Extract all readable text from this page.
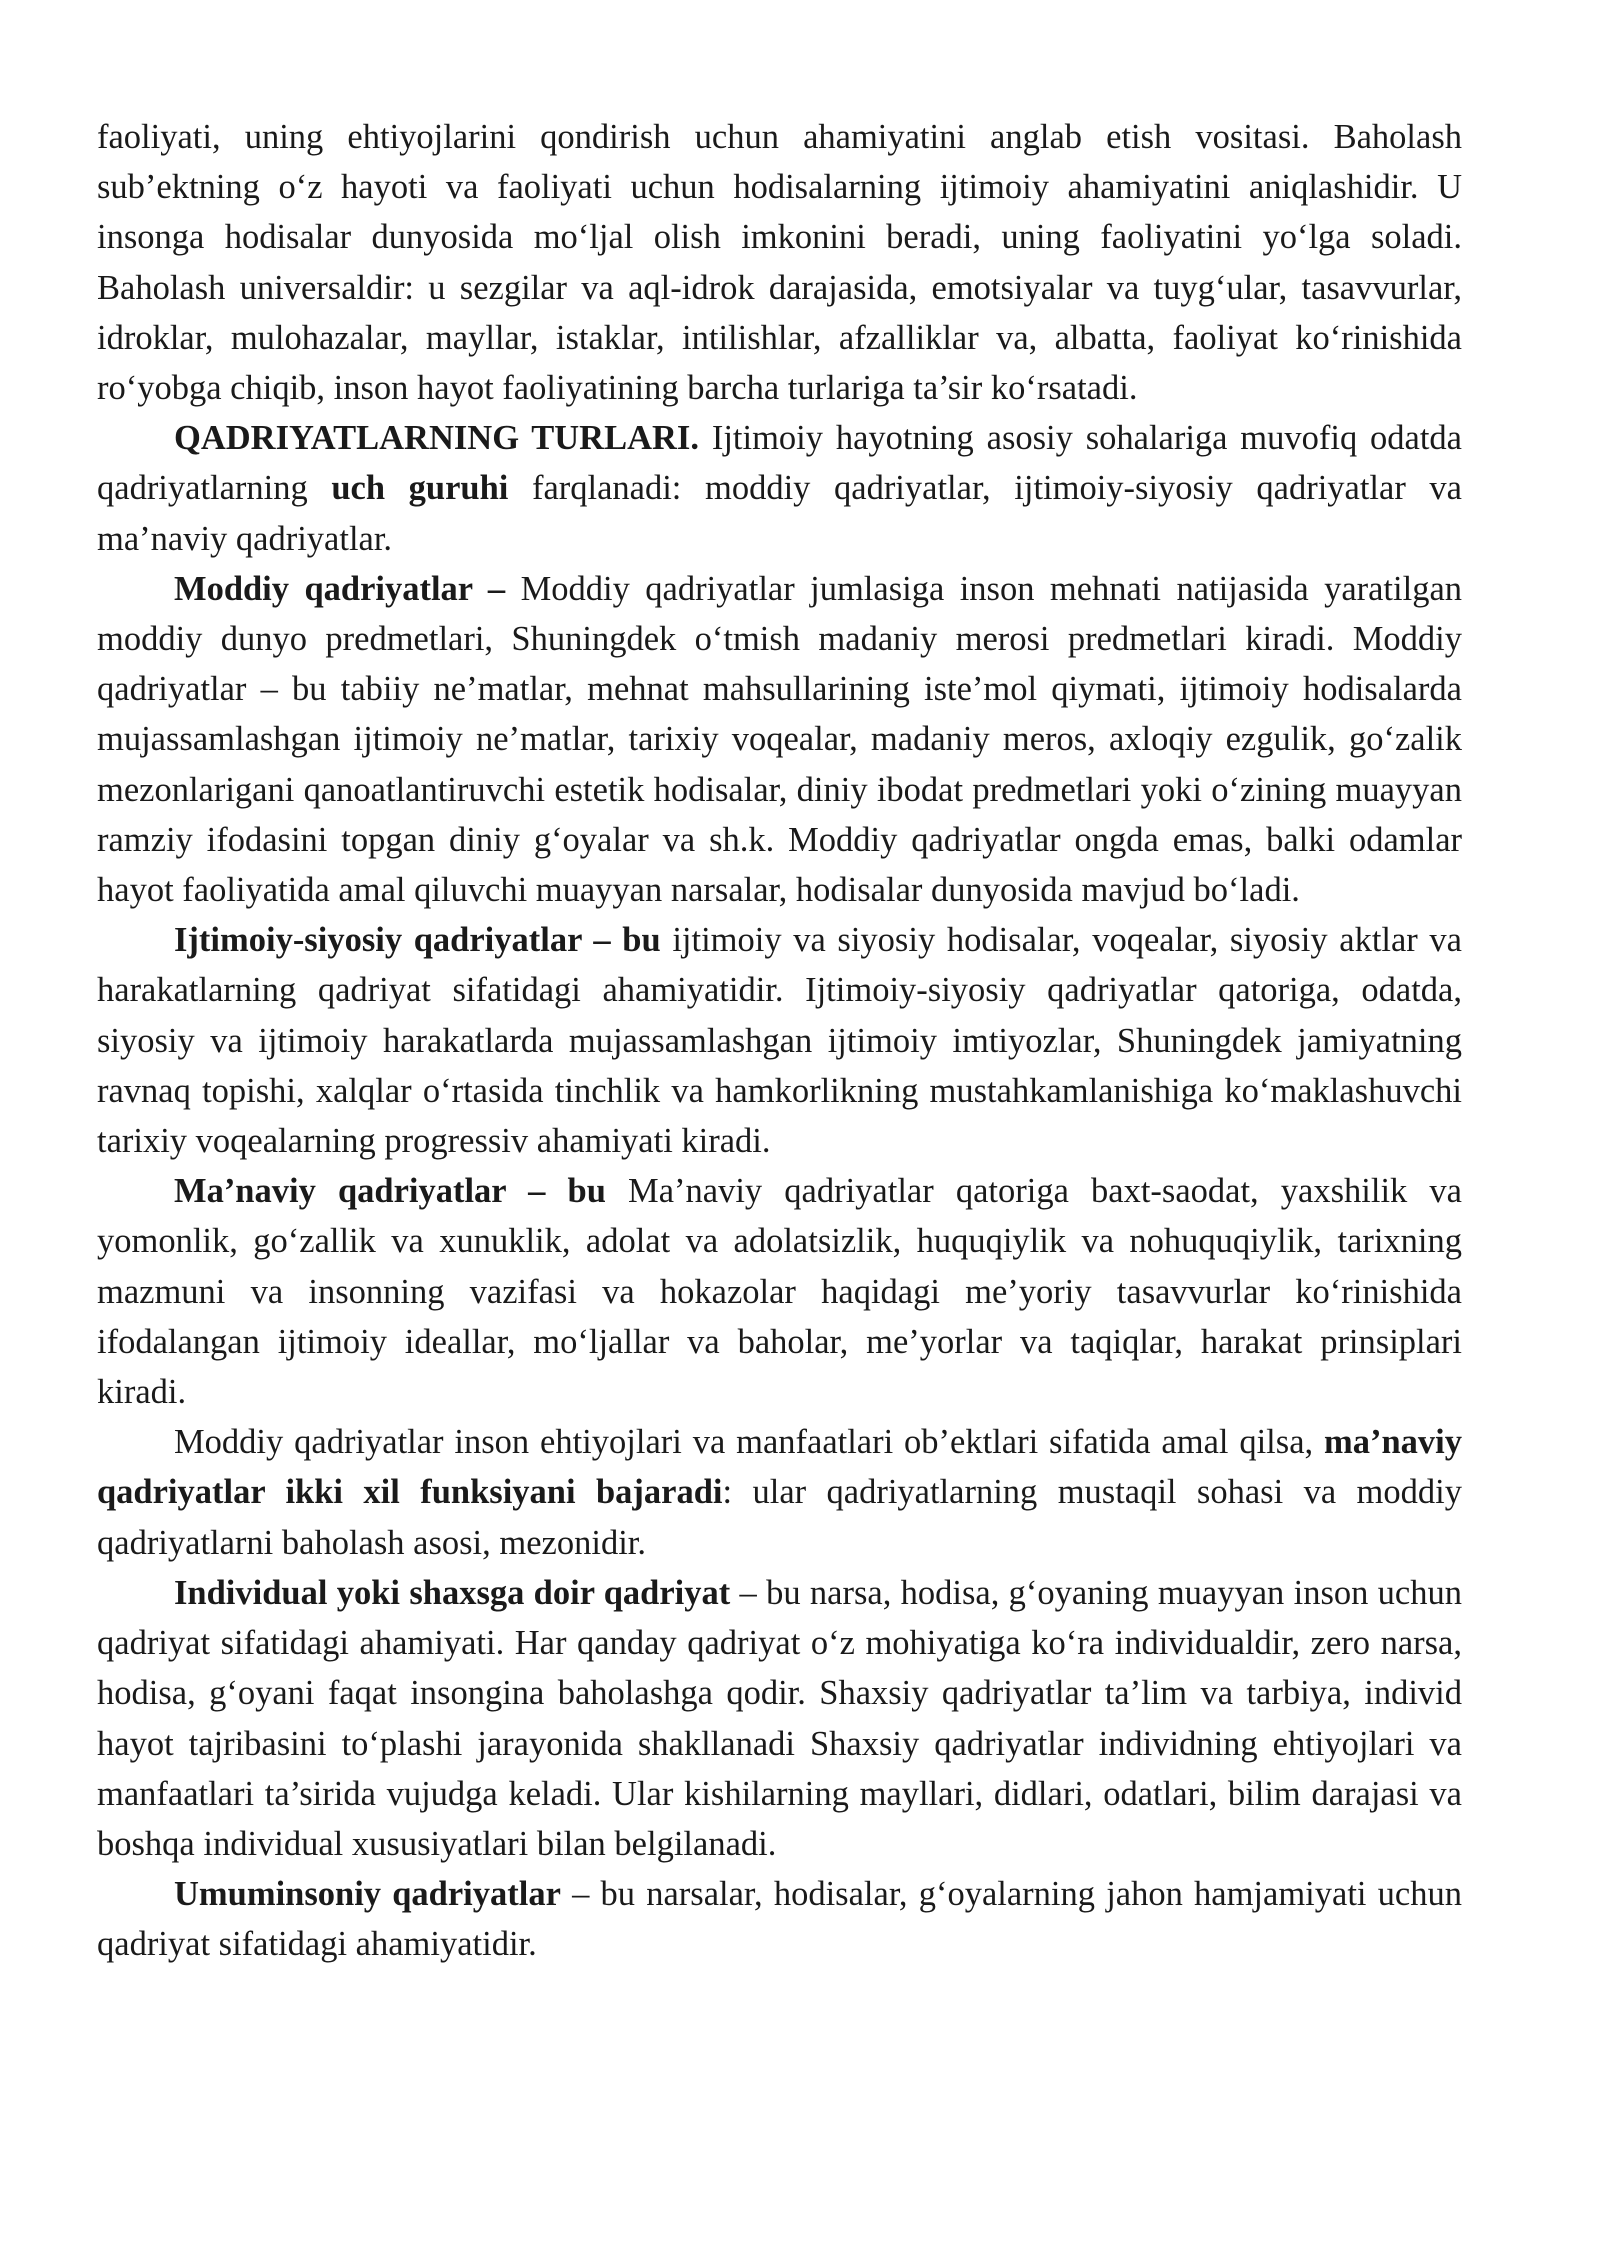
faoliyati, uning ehtiyojlarini qondirish uchun ahamiyatini anglab etish vositasi. Baholash sub’ektning o‘z hayoti va faoliyati uchun hodisalarning ijtimoiy ahamiyatini aniqlashidir. U insonga hodisalar dunyosida mo‘ljal olish imkonini beradi, uning faoliyatini yo‘lga soladi. Baholash universaldir: u sezgilar va aql-idrok darajasida, emotsiyalar va tuyg‘ular, tasavvurlar, idroklar, mulohazalar, mayllar, istaklar, intilishlar, afzalliklar va, albatta, faoliyat ko‘rinishida ro‘yobga chiqib, inson hayot faoliyatining barcha turlariga ta’sir ko‘rsatadi.

QADRIYATLARNING TURLARI. Ijtimoiy hayotning asosiy sohalariga muvofiq odatda qadriyatlarning uch guruhi farqlanadi: moddiy qadriyatlar, ijtimoiy-siyosiy qadriyatlar va ma’naviy qadriyatlar.

Moddiy qadriyatlar – Moddiy qadriyatlar jumlasiga inson mehnati natijasida yaratilgan moddiy dunyo predmetlari, Shuningdek o‘tmish madaniy merosi predmetlari kiradi. Moddiy qadriyatlar – bu tabiiy ne’matlar, mehnat mahsullarining iste’mol qiymati, ijtimoiy hodisalarda mujassamlashgan ijtimoiy ne’matlar, tarixiy voqealar, madaniy meros, axloqiy ezgulik, go‘zalik mezonlarigani qanoatlantiruvchi estetik hodisalar, diniy ibodat predmetlari yoki o‘zining muayyan ramziy ifodasini topgan diniy g‘oyalar va sh.k. Moddiy qadriyatlar ongda emas, balki odamlar hayot faoliyatida amal qiluvchi muayyan narsalar, hodisalar dunyosida mavjud bo‘ladi.

Ijtimoiy-siyosiy qadriyatlar – bu ijtimoiy va siyosiy hodisalar, voqealar, siyosiy aktlar va harakatlarning qadriyat sifatidagi ahamiyatidir. Ijtimoiy-siyosiy qadriyatlar qatoriga, odatda, siyosiy va ijtimoiy harakatlarda mujassamlashgan ijtimoiy imtiyozlar, Shuningdek jamiyatning ravnaq topishi, xalqlar o‘rtasida tinchlik va hamkorlikning mustahkamlanishiga ko‘maklashuvchi tarixiy voqealarning progressiv ahamiyati kiradi.

Ma’naviy qadriyatlar – bu Ma’naviy qadriyatlar qatoriga baxt-saodat, yaxshilik va yomonlik, go‘zallik va xunuklik, adolat va adolatsizlik, huquqiylik va nohuquqiylik, tarixning mazmuni va insonning vazifasi va hokazolar haqidagi me’yoriy tasavvurlar ko‘rinishida ifodalangan ijtimoiy ideallar, mo‘ljallar va baholar, me’yorlar va taqiqlar, harakat prinsiplari kiradi.

Moddiy qadriyatlar inson ehtiyojlari va manfaatlari ob’ektlari sifatida amal qilsa, ma’naviy qadriyatlar ikki xil funksiyani bajaradi: ular qadriyatlarning mustaqil sohasi va moddiy qadriyatlarni baholash asosi, mezonidir.

Individual yoki shaxsga doir qadriyat – bu narsa, hodisa, g‘oyaning muayyan inson uchun qadriyat sifatidagi ahamiyati. Har qanday qadriyat o‘z mohiyatiga ko‘ra individualdir, zero narsa, hodisa, g‘oyani faqat insongina baholashga qodir. Shaxsiy qadriyatlar ta’lim va tarbiya, individ hayot tajribasini to‘plashi jarayonida shakllanadi Shaxsiy qadriyatlar individning ehtiyojlari va manfaatlari ta’sirida vujudga keladi. Ular kishilarning mayllari, didlari, odatlari, bilim darajasi va boshqa individual xususiyatlari bilan belgilanadi.

Umuminsoniy qadriyatlar – bu narsalar, hodisalar, g‘oyalarning jahon hamjamiyati uchun qadriyat sifatidagi ahamiyatidir.
